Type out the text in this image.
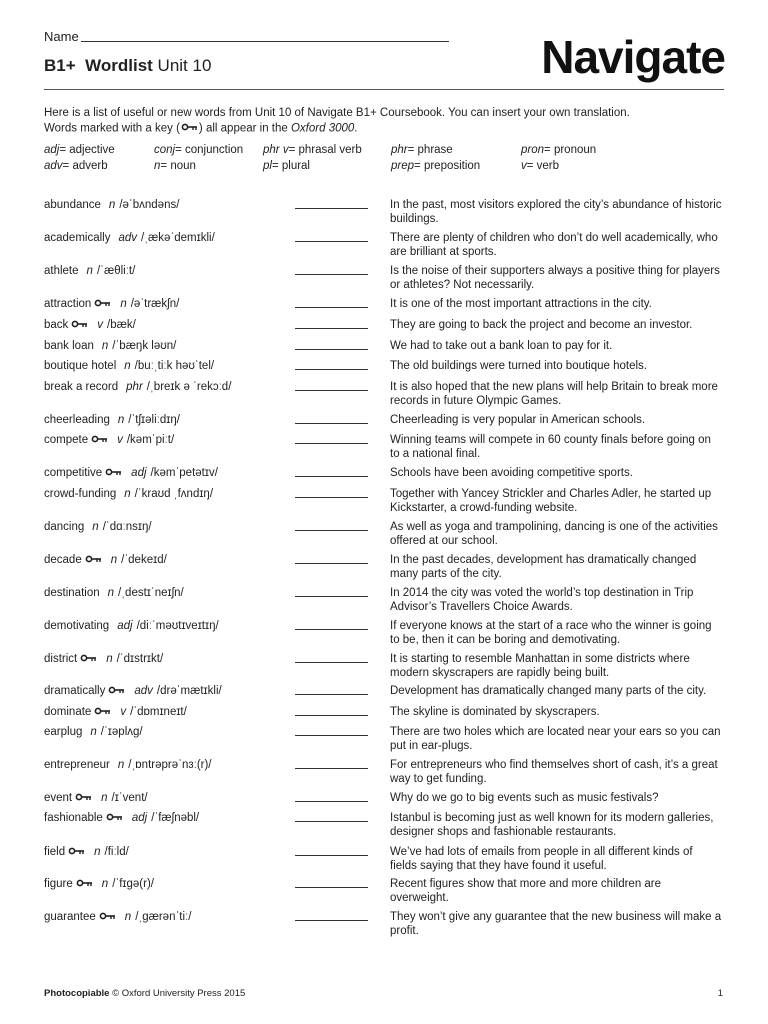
Name
B1+ Wordlist Unit 10	Navigate

Here is a list of useful or new words from Unit 10 of Navigate B1+ Coursebook. You can insert your own translation.

Words marked with a key ( ) all appear in the Oxford 3000.

adj= adjective	conj= conjunction phr v= phrasal verb	phr= phrase	pron= pronoun
adv= adverb	n= noun	pl= plural	prep= preposition	v= verb
abundance n /əˈbʌndəns/	In the past, most visitors explored the city’s abundance of historic buildings.
academically adv /ˌækəˈdemɪkli/	There are plenty of children who don’t do well academically, who are brilliant at sports.
athlete n /ˈæθliːt/	Is the noise of their supporters always a positive thing for players or athletes? Not necessarily.
attraction	n /əˈtrækʃn/	It is one of the most important attractions in the city.
back	v /bæk/	They are going to back the project and become an investor.
bank loan n /ˈbæŋk ləʊn/	We had to take out a bank loan to pay for it.
boutique hotel n /buːˌtiːk həʊˈtel/	The old buildings were turned into boutique hotels.
break a record phr /ˌbreɪk ə ˈrekɔːd/	It is also hoped that the new plans will help Britain to break more records in future Olympic Games.
cheerleading n /ˈtʃɪəliːdɪŋ/	Cheerleading is very popular in American schools.
compete	v /kəmˈpiːt/	Winning teams will compete in 60 county finals before going on to a national final.
competitive	adj /kəmˈpetətɪv/	Schools have been avoiding competitive sports.
crowd-funding n /ˈkraʊd ˌfʌndɪŋ/	Together with Yancey Strickler and Charles Adler, he started up Kickstarter, a crowd-funding website.
dancing n /ˈdɑːnsɪŋ/	As well as yoga and trampolining, dancing is one of the activities offered at our school.
decade	n /ˈdekeɪd/	In the past decades, development has dramatically changed many parts of the city.
destination n /ˌdestɪˈneɪʃn/	In 2014 the city was voted the world’s top destination in Trip Advisor’s Travellers Choice Awards.
demotivating adj /diːˈməʊtɪveɪtɪŋ/	If everyone knows at the start of a race who the winner is going to be, then it can be boring and demotivating.
district	n /ˈdɪstrɪkt/	It is starting to resemble Manhattan in some districts where modern skyscrapers are rapidly being built.
dramatically	adv /drəˈmætɪkli/	Development has dramatically changed many parts of the city.
dominate	v /ˈdɒmɪneɪt/	The skyline is dominated by skyscrapers.
earplug n /ˈɪəplʌɡ/	There are two holes which are located near your ears so you can put in ear-plugs.
entrepreneur n /ˌɒntrəprəˈnɜː(r)/	For entrepreneurs who find themselves short of cash, it’s a great way to get funding.
event	n /ɪˈvent/	Why do we go to big events such as music festivals?
fashionable	adj /ˈfæʃnəbl/	Istanbul is becoming just as well known for its modern galleries, designer shops and fashionable restaurants.
field	n /fiːld/	We’ve had lots of emails from people in all different kinds of fields saying that they have found it useful.
figure	n /ˈfɪɡə(r)/	Recent figures show that more and more children are overweight.
guarantee	n /ˌɡærənˈtiː/	They won’t give any guarantee that the new business will make a profit.
Photocopiable © Oxford University Press 2015	1
